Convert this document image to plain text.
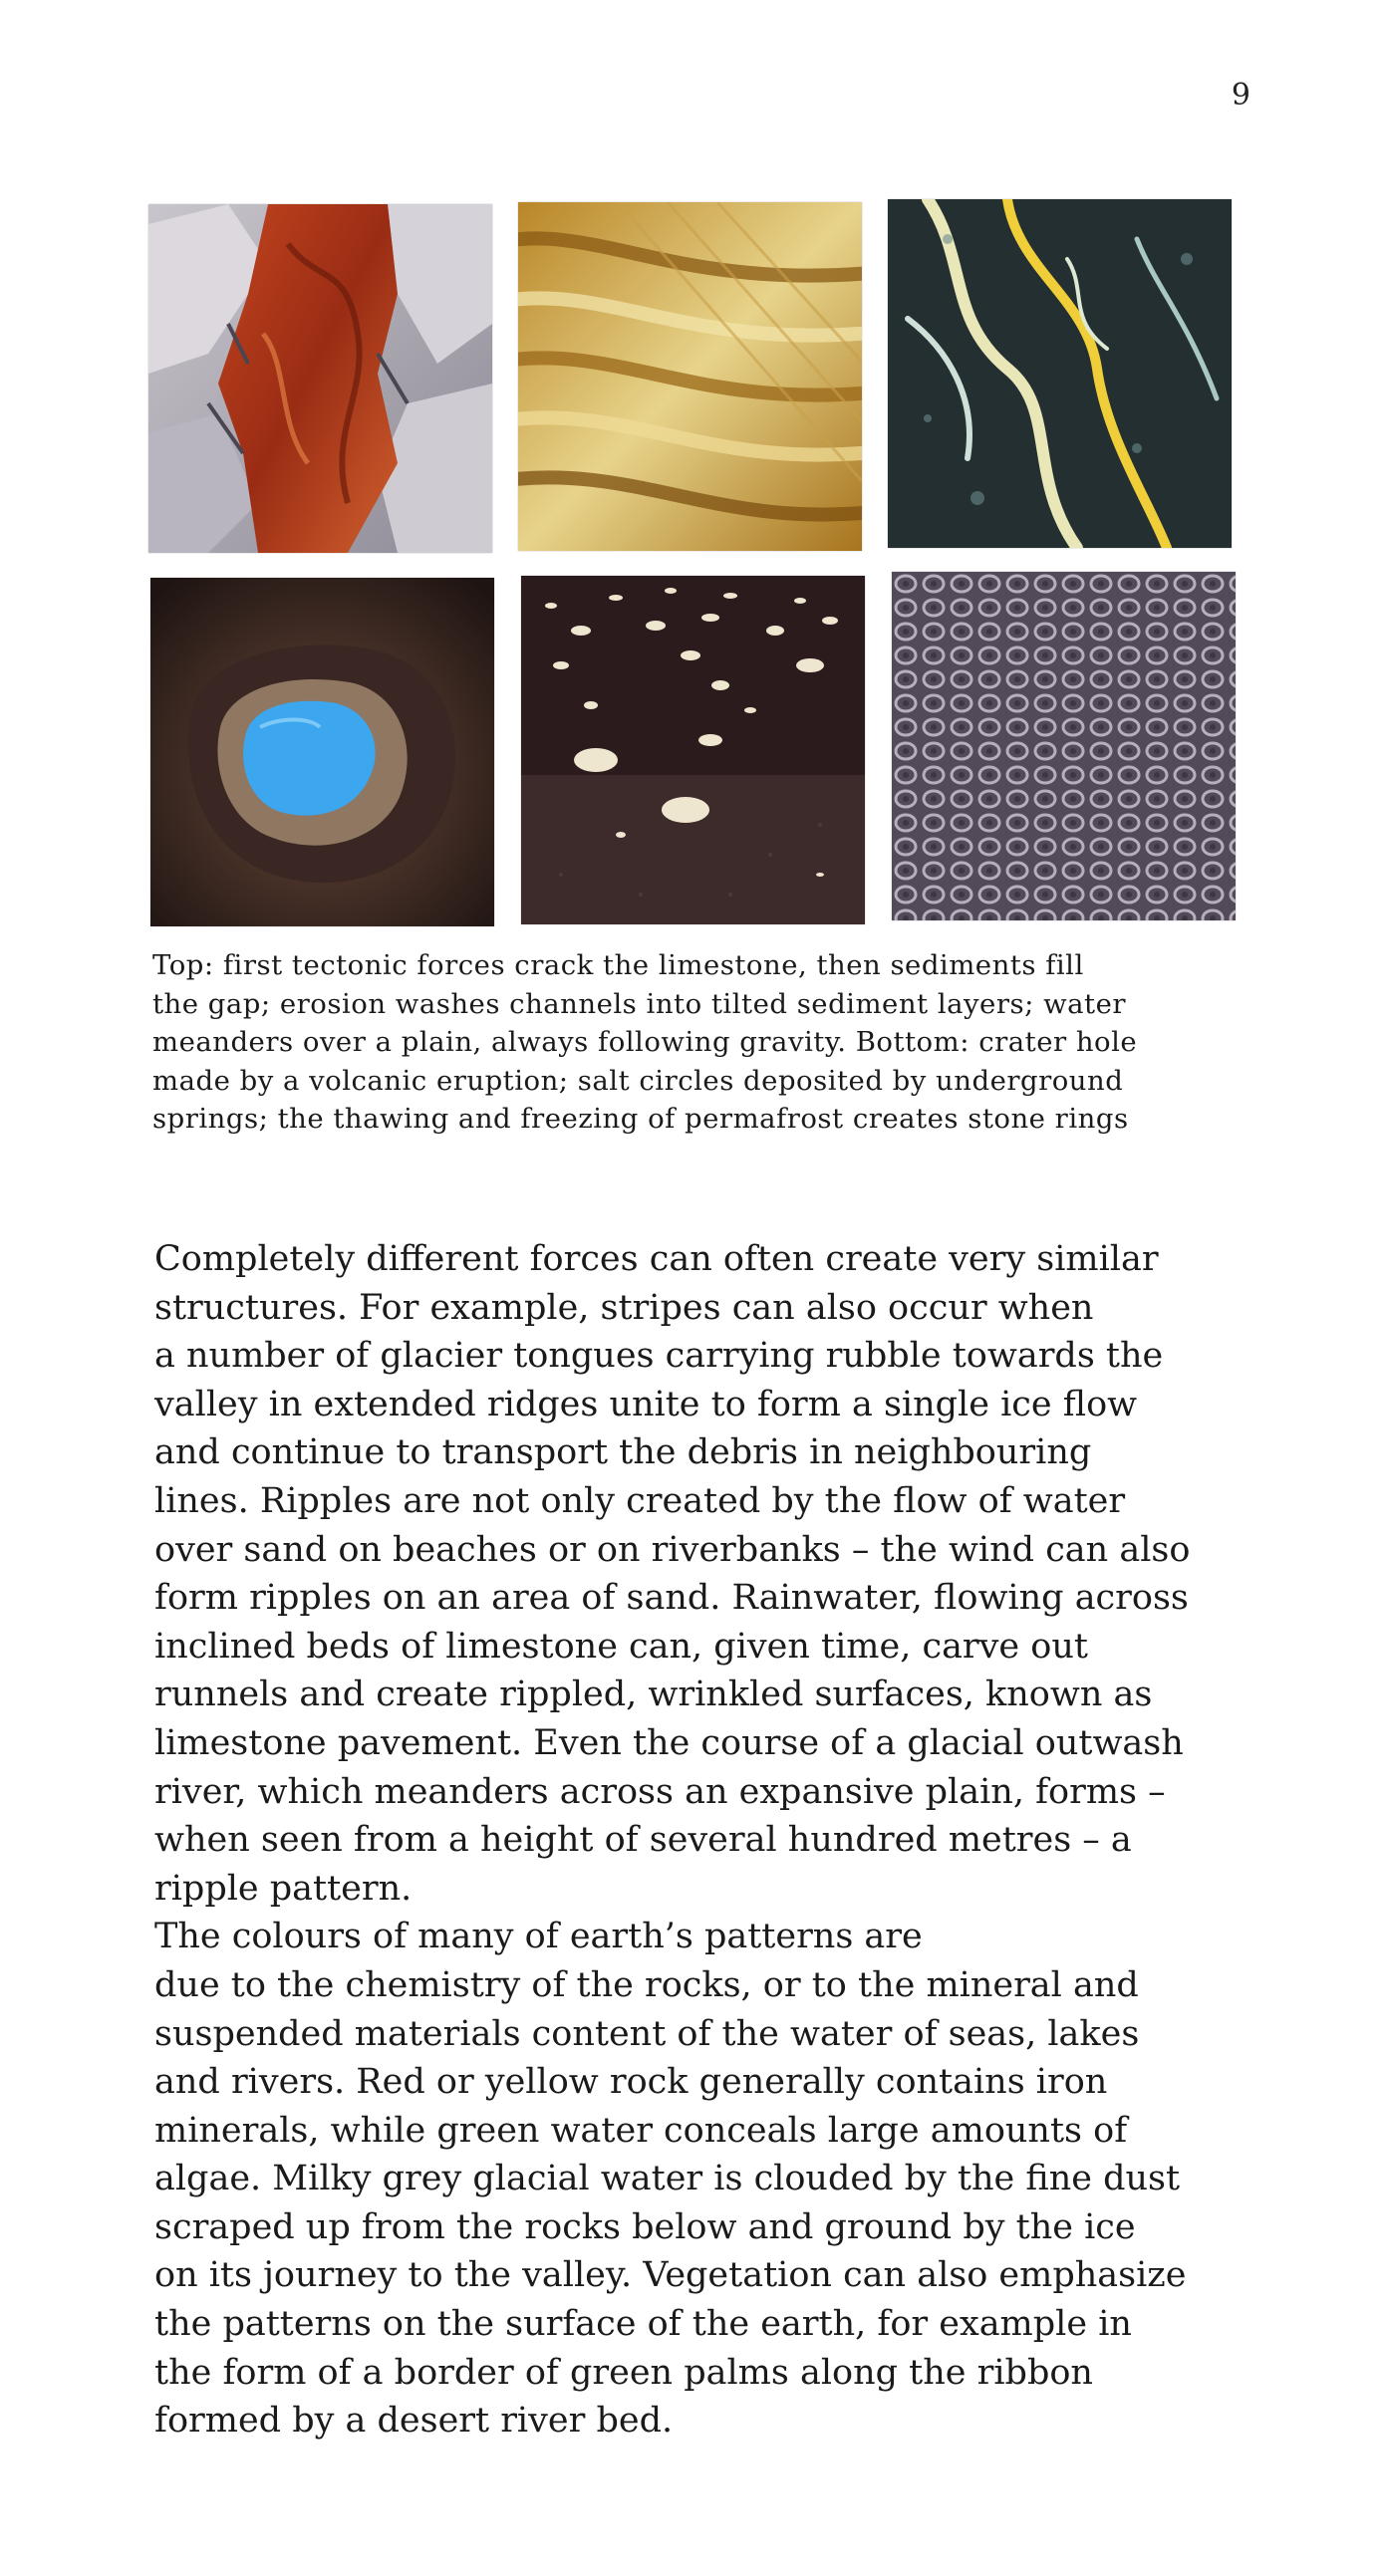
9
Top: first tectonic forces crack the limestone, then sediments fill
the gap; erosion washes channels into tilted sediment layers; water
meanders over a plain, always following gravity. Bottom: crater hole
made by a volcanic eruption; salt circles deposited by underground
springs; the thawing and freezing of permafrost creates stone rings
Completely different forces can often create very similar
structures. For example, stripes can also occur when
a number of glacier tongues carrying rubble towards the
valley in extended ridges unite to form a single ice flow
and continue to transport the debris in neighbouring
lines. Ripples are not only created by the flow of water
over sand on beaches or on riverbanks – the wind can also
form ripples on an area of sand. Rainwater, flowing across
inclined beds of limestone can, given time, carve out
runnels and create rippled, wrinkled surfaces, known as
limestone pavement. Even the course of a glacial outwash
river, which meanders across an expansive plain, forms –
when seen from a height of several hundred metres – a
ripple pattern.
The colours of many of earth’s patterns are
due to the chemistry of the rocks, or to the mineral and
suspended materials content of the water of seas, lakes
and rivers. Red or yellow rock generally contains iron
minerals, while green water conceals large amounts of
algae. Milky grey glacial water is clouded by the fine dust
scraped up from the rocks below and ground by the ice
on its journey to the valley. Vegetation can also emphasize
the patterns on the surface of the earth, for example in
the form of a border of green palms along the ribbon
formed by a desert river bed.
